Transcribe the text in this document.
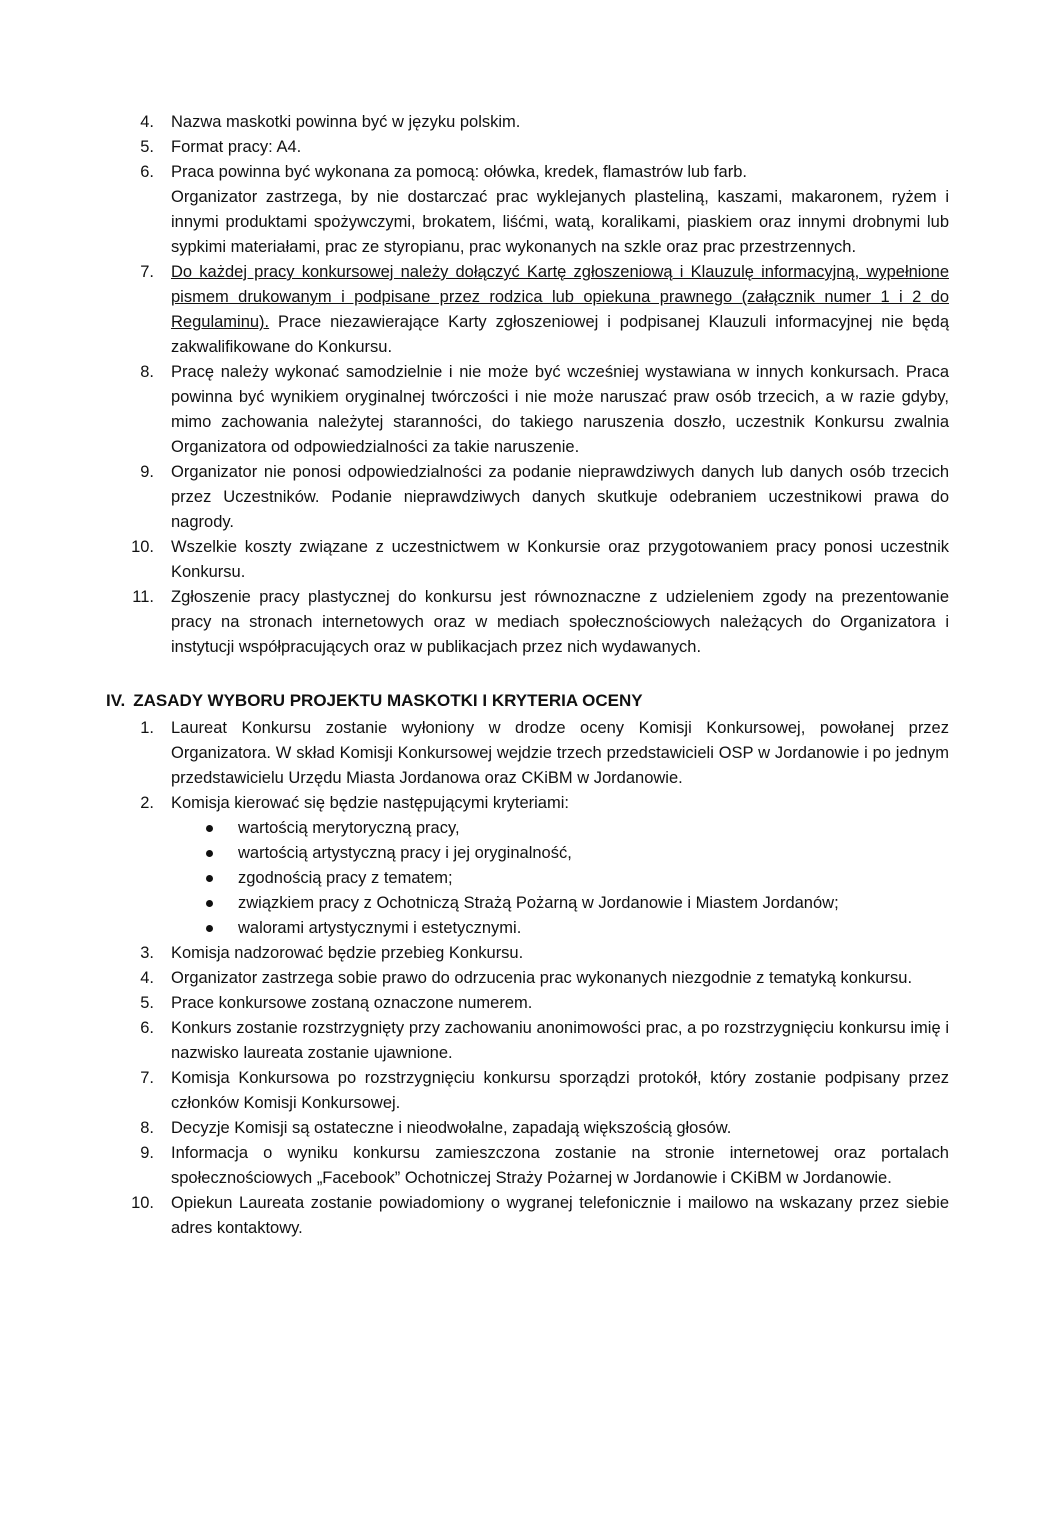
4. Nazwa maskotki powinna być w języku polskim.

5. Format pracy: A4.

6. Praca powinna być wykonana za pomocą: ołówka, kredek, flamastrów lub farb.

Organizator zastrzega, by nie dostarczać prac wyklejanych plasteliną, kaszami, makaronem, ryżem i innymi produktami spożywczymi, brokatem, liśćmi, watą, koralikami, piaskiem oraz innymi drobnymi lub sypkimi materiałami, prac ze styropianu, prac wykonanych na szkle oraz prac przestrzennych.

7. Do każdej pracy konkursowej należy dołączyć Kartę zgłoszeniową i Klauzulę informacyjną, wypełnione pismem drukowanym i podpisane przez rodzica lub opiekuna prawnego (załącznik numer 1 i 2 do Regulaminu). Prace niezawierające Karty zgłoszeniowej i podpisanej Klauzuli informacyjnej nie będą zakwalifikowane do Konkursu.

8. Pracę należy wykonać samodzielnie i nie może być wcześniej wystawiana w innych konkursach. Praca powinna być wynikiem oryginalnej twórczości i nie może naruszać praw osób trzecich, a w razie gdyby, mimo zachowania należytej staranności, do takiego naruszenia doszło, uczestnik Konkursu zwalnia Organizatora od odpowiedzialności za takie naruszenie.

9. Organizator nie ponosi odpowiedzialności za podanie nieprawdziwych danych lub danych osób trzecich przez Uczestników. Podanie nieprawdziwych danych skutkuje odebraniem uczestnikowi prawa do nagrody.

10. Wszelkie koszty związane z uczestnictwem w Konkursie oraz przygotowaniem pracy ponosi uczestnik Konkursu.

11. Zgłoszenie pracy plastycznej do konkursu jest równoznaczne z udzieleniem zgody na prezentowanie pracy na stronach internetowych oraz w mediach społecznościowych należących do Organizatora i instytucji współpracujących oraz w publikacjach przez nich wydawanych.

IV. ZASADY WYBORU PROJEKTU MASKOTKI I KRYTERIA OCENY
1. Laureat Konkursu zostanie wyłoniony w drodze oceny Komisji Konkursowej, powołanej przez Organizatora. W skład Komisji Konkursowej wejdzie trzech przedstawicieli OSP w Jordanowie i po jednym przedstawicielu Urzędu Miasta Jordanowa oraz CKiBM w Jordanowie.

2. Komisja kierować się będzie następującymi kryteriami:

wartością merytoryczną pracy,
wartością artystyczną pracy i jej oryginalność,
zgodnością pracy z tematem;
związkiem pracy z Ochotniczą Strażą Pożarną w Jordanowie i Miastem Jordanów;
walorami artystycznymi i estetycznymi.
3. Komisja nadzorować będzie przebieg Konkursu.

4. Organizator zastrzega sobie prawo do odrzucenia prac wykonanych niezgodnie z tematyką konkursu.

5. Prace konkursowe zostaną oznaczone numerem.

6. Konkurs zostanie rozstrzygnięty przy zachowaniu anonimowości prac, a po rozstrzygnięciu konkursu imię i nazwisko laureata zostanie ujawnione.

7. Komisja Konkursowa po rozstrzygnięciu konkursu sporządzi protokół, który zostanie podpisany przez członków Komisji Konkursowej.

8. Decyzje Komisji są ostateczne i nieodwołalne, zapadają większością głosów.

9. Informacja o wyniku konkursu zamieszczona zostanie na stronie internetowej oraz portalach społecznościowych „Facebook” Ochotniczej Straży Pożarnej w Jordanowie i CKiBM w Jordanowie.

10. Opiekun Laureata zostanie powiadomiony o wygranej telefonicznie i mailowo na wskazany przez siebie adres kontaktowy.
